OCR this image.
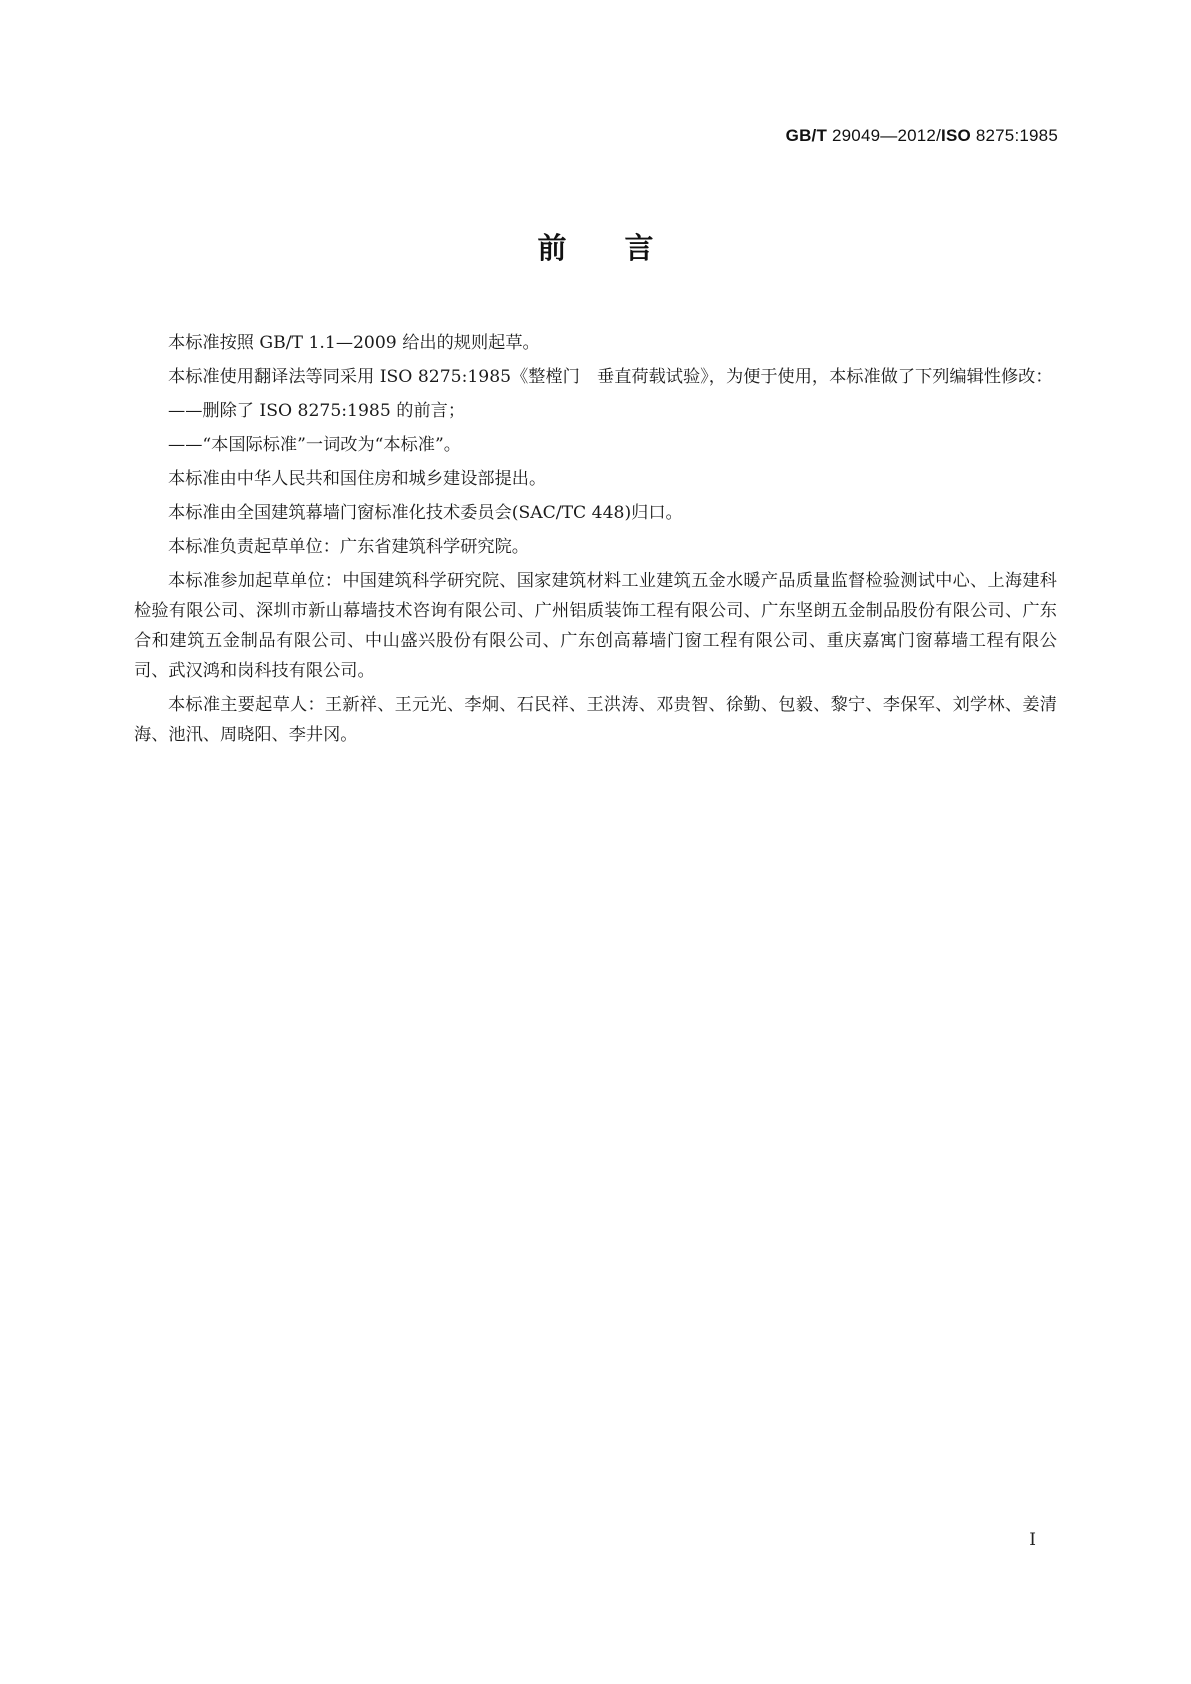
GB/T 29049—2012/ISO 8275:1985
前言

本标准按照 GB/T 1.1—2009 给出的规则起草。

本标准使用翻译法等同采用 ISO 8275:1985《整樘门　垂直荷载试验》，为便于使用，本标准做了下列编辑性修改：

——删除了 ISO 8275:1985 的前言；

——“本国际标准”一词改为“本标准”。

本标准由中华人民共和国住房和城乡建设部提出。

本标准由全国建筑幕墙门窗标准化技术委员会(SAC/TC 448)归口。

本标准负责起草单位：广东省建筑科学研究院。

本标准参加起草单位：中国建筑科学研究院、国家建筑材料工业建筑五金水暖产品质量监督检验测试中心、上海建科检验有限公司、深圳市新山幕墙技术咨询有限公司、广州铝质装饰工程有限公司、广东坚朗五金制品股份有限公司、广东合和建筑五金制品有限公司、中山盛兴股份有限公司、广东创高幕墙门窗工程有限公司、重庆嘉寓门窗幕墙工程有限公司、武汉鸿和岗科技有限公司。

本标准主要起草人：王新祥、王元光、李炯、石民祥、王洪涛、邓贵智、徐勤、包毅、黎宁、李保军、刘学林、姜清海、池汛、周晓阳、李井冈。

I
